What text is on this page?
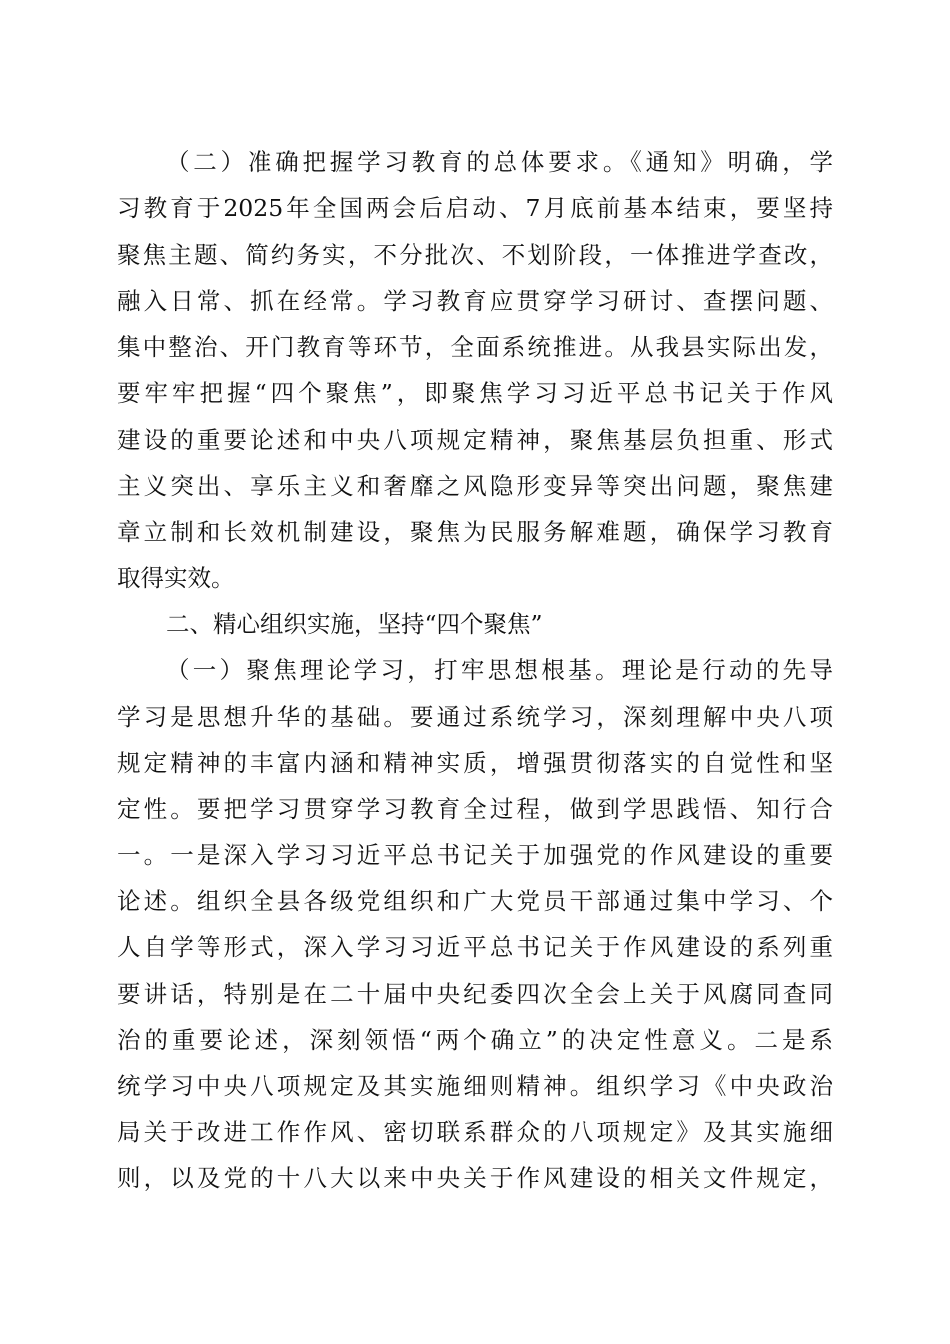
（二）准确把握学习教育的总体要求。《通知》明确，学
习教育于2025年全国两会后启动、7月底前基本结束，要坚持
聚焦主题、简约务实，不分批次、不划阶段，一体推进学查改，
融入日常、抓在经常。学习教育应贯穿学习研讨、查摆问题、
集中整治、开门教育等环节，全面系统推进。从我县实际出发，
要牢牢把握“四个聚焦”，即聚焦学习习近平总书记关于作风
建设的重要论述和中央八项规定精神，聚焦基层负担重、形式
主义突出、享乐主义和奢靡之风隐形变异等突出问题，聚焦建
章立制和长效机制建设，聚焦为民服务解难题，确保学习教育
取得实效。
二、精心组织实施，坚持“四个聚焦”
（一）聚焦理论学习，打牢思想根基。理论是行动的先导
学习是思想升华的基础。要通过系统学习，深刻理解中央八项
规定精神的丰富内涵和精神实质，增强贯彻落实的自觉性和坚
定性。要把学习贯穿学习教育全过程，做到学思践悟、知行合
一。一是深入学习习近平总书记关于加强党的作风建设的重要
论述。组织全县各级党组织和广大党员干部通过集中学习、个
人自学等形式，深入学习习近平总书记关于作风建设的系列重
要讲话，特别是在二十届中央纪委四次全会上关于风腐同查同
治的重要论述，深刻领悟“两个确立”的决定性意义。二是系
统学习中央八项规定及其实施细则精神。组织学习《中央政治
局关于改进工作作风、密切联系群众的八项规定》及其实施细
则，以及党的十八大以来中央关于作风建设的相关文件规定，
